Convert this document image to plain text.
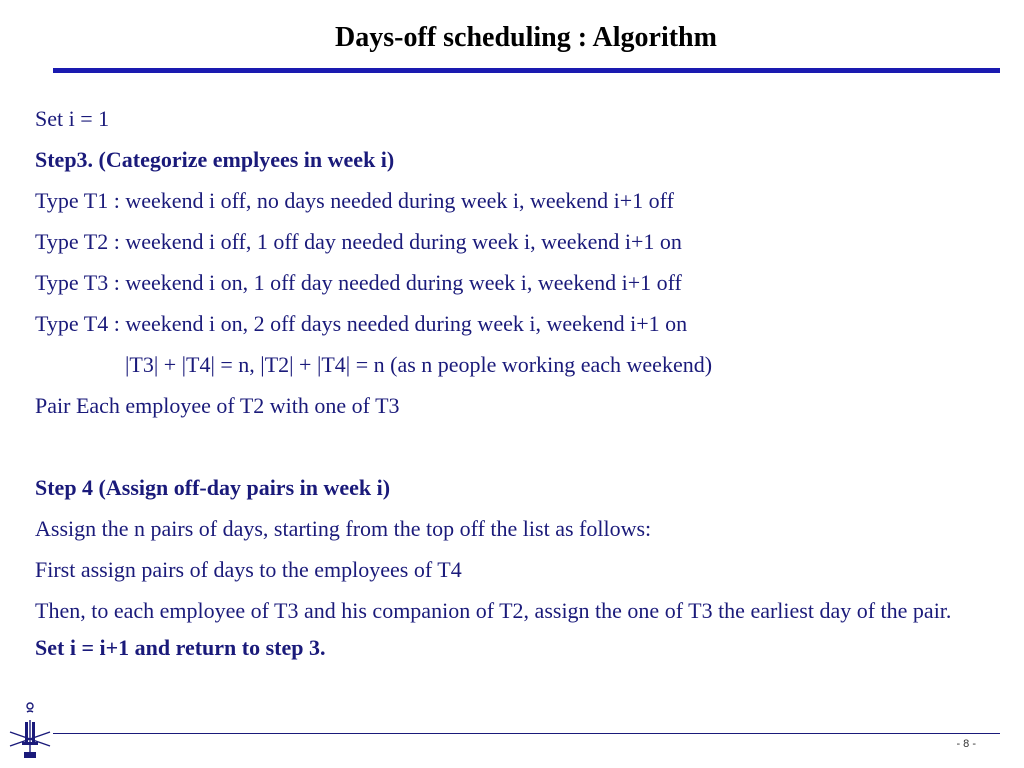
Days-off scheduling : Algorithm
Set i = 1
Step3. (Categorize emplyees in week i)
Type T1 : weekend i off, no days needed during week i, weekend i+1 off
Type T2 : weekend i off, 1 off day needed during week i, weekend i+1 on
Type T3 : weekend i on, 1 off day needed during week i, weekend i+1 off
Type T4 : weekend i on, 2 off days needed during week i, weekend i+1 on
|T3| + |T4| = n, |T2| + |T4| = n (as n people working each weekend)
Pair Each employee of T2 with one of T3
Step 4 (Assign off-day pairs in week i)
Assign the n pairs of days, starting from the top off the list as follows:
First assign pairs of days to the employees of T4
Then, to each employee of T3 and his companion of T2, assign the one of T3 the earliest day of the pair.
Set i = i+1 and return to step 3.
- 8 -
